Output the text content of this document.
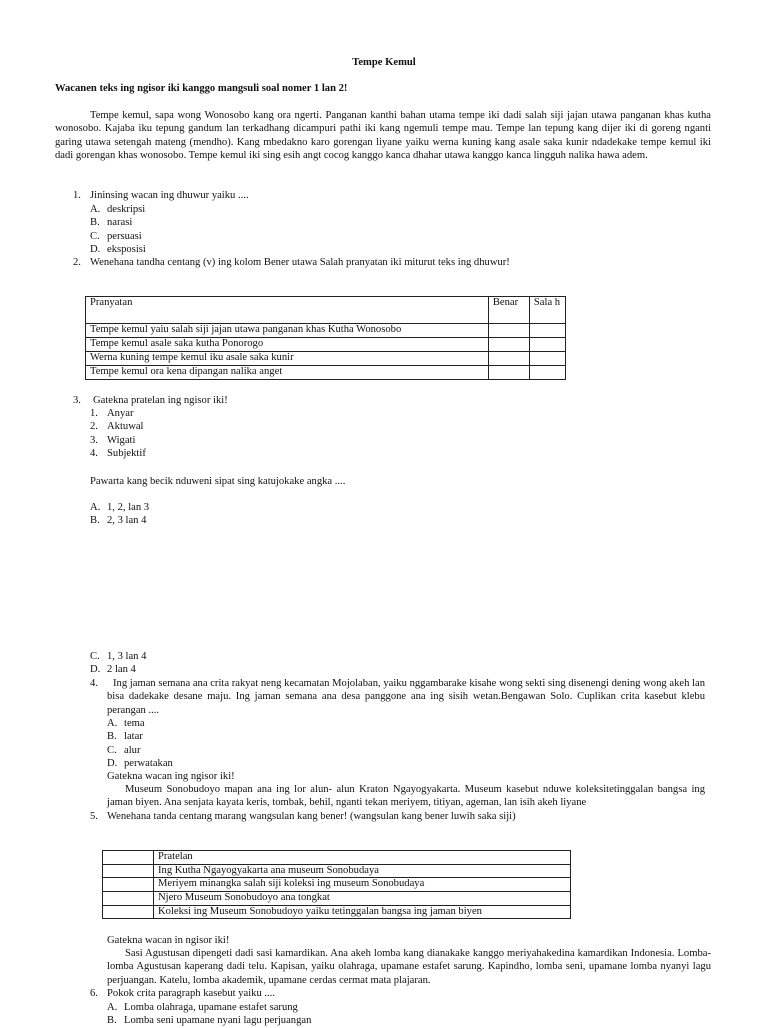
Tempe Kemul
Wacanen teks ing ngisor iki kanggo mangsuli soal nomer 1 lan 2!
Tempe kemul, sapa wong Wonosobo kang ora ngerti. Panganan kanthi bahan utama tempe iki dadi salah siji jajan utawa panganan khas kutha wonosobo. Kajaba iku tepung gandum lan terkadhang dicampuri pathi iki kang ngemuli tempe mau. Tempe lan tepung kang dijer iki di goreng nganti garing utawa setengah mateng (mendho). Kang mbedakno karo gorengan liyane yaiku werna kuning kang asale saka kunir ndadekake tempe kemul iki dadi gorengan khas wonosobo. Tempe kemul iki sing esih angt cocog kanggo kanca dhahar utawa kanggo kanca lingguh nalika hawa adem.
1. Jininsing wacan ing dhuwur yaiku ....
A. deskripsi
B. narasi
C. persuasi
D. eksposisi
2. Wenehana tandha centang (v) ing kolom Bener utawa Salah pranyatan iki miturut teks ing dhuwur!
Pranyatan	Benar	Sala h
Tempe kemul yaiu salah siji jajan utawa panganan khas Kutha Wonosobo		
Tempe kemul asale saka kutha Ponorogo		
Werna kuning tempe kemul iku asale saka kunir		
Tempe kemul ora kena dipangan nalika anget		
3. Gatekna pratelan ing ngisor iki!
1. Anyar
2. Aktuwal
3. Wigati
4. Subjektif
Pawarta kang becik nduweni sipat sing katujokake angka ....
A. 1, 2, lan 3
B. 2, 3 lan 4
C. 1, 3 lan 4
D. 2 lan 4
4.	Ing jaman semana ana crita rakyat neng kecamatan Mojolaban, yaiku nggambarake kisahe wong sekti sing disenengi dening wong akeh lan bisa dadekake desane maju. Ing jaman semana ana desa panggone ana ing sisih wetan.Bengawan Solo. Cuplikan crita kasebut klebu perangan ....
A. tema
B. latar
C. alur
D. perwatakan
Gatekna wacan ing ngisor iki!
Museum Sonobudoyo mapan ana ing lor alun- alun Kraton Ngayogyakarta. Museum kasebut nduwe koleksitetinggalan bangsa ing jaman biyen. Ana senjata kayata keris, tombak, behil, nganti tekan meriyem, titiyan, ageman, lan isih akeh liyane
5. Wenehana tanda centang marang wangsulan kang bener! (wangsulan kang bener luwih saka siji)
	Pratelan
	Ing Kutha Ngayogyakarta ana museum Sonobudaya
	Meriyem minangka salah siji koleksi ing museum Sonobudaya
	Njero Museum Sonobudoyo ana tongkat
	Koleksi ing Museum Sonobudoyo yaiku tetinggalan bangsa ing jaman biyen
Gatekna wacan in ngisor iki!
Sasi Agustusan dipengeti dadi sasi kamardikan. Ana akeh lomba kang dianakake kanggo meriyahakedina kamardikan Indonesia. Lomba- lomba Agustusan kaperang dadi telu. Kapisan, yaiku olahraga, upamane estafet sarung. Kapindho, lomba seni, upamane lomba nyanyi lagu perjuangan. Katelu, lomba akademik, upamane cerdas cermat mata plajaran.
6. Pokok crita paragraph kasebut yaiku ....
A. Lomba olahraga, upamane estafet sarung
B. Lomba seni upamane nyani lagu perjuangan
